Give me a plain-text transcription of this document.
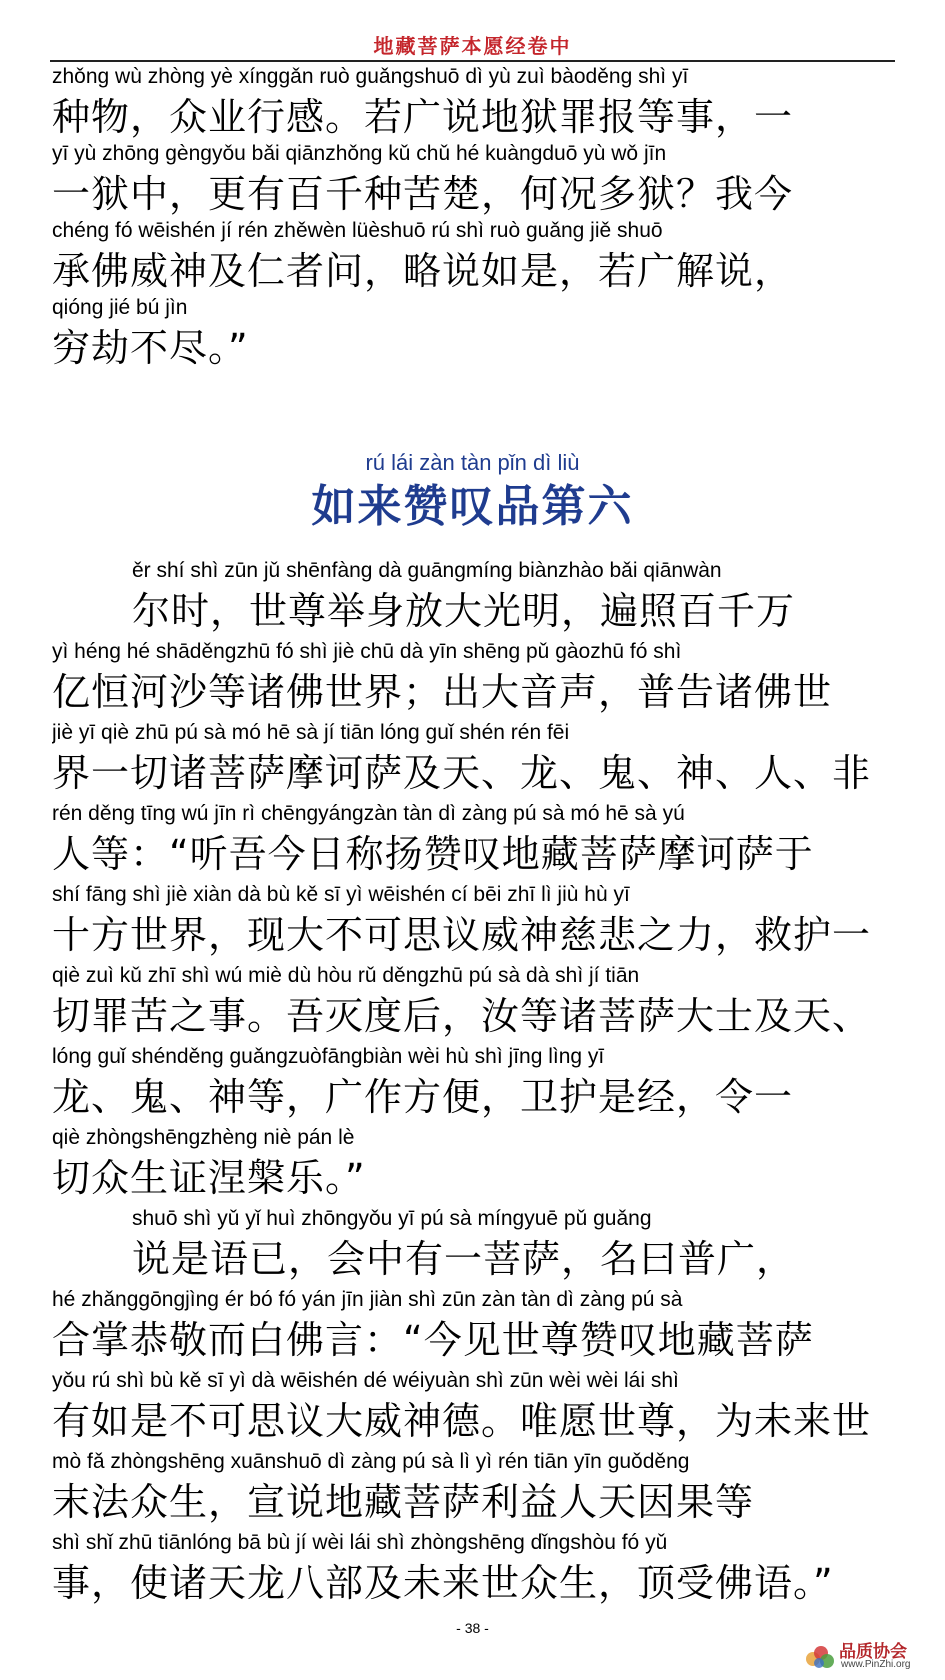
地藏菩萨本愿经卷中
zhǒng wù zhòng yè xínggǎn ruò guǎngshuō dì yù zuì bàoděng shì yī
种物，众业行感。若广说地狱罪报等事，一
yī yù zhōng gèngyǒu bǎi qiānzhǒng kǔ chǔ hé kuàngduō yù wǒ jīn
一狱中，更有百千种苦楚，何况多狱？我今
chéng fó wēishén jí rén zhěwèn lüèshuō rú shì ruò guǎng jiě shuō
承佛威神及仁者问，略说如是，若广解说，
qióng jié bú jìn
穷劫不尽。”
rú lái zàn tàn pǐn dì liù
如来赞叹品第六
ěr shí shì zūn jǔ shēnfàng dà guāngmíng biànzhào bǎi qiānwàn
尔时，世尊举身放大光明，遍照百千万
yì héng hé shāděngzhū fó shì jiè chū dà yīn shēng pǔ gàozhū fó shì
亿恒河沙等诸佛世界；出大音声，普告诸佛世
jiè yī qiè zhū pú sà mó hē sà jí tiān lóng guǐ shén rén fēi
界一切诸菩萨摩诃萨及天、龙、鬼、神、人、非
rén děng tīng wú jīn rì chēngyángzàn tàn dì zàng pú sà mó hē sà yú
人等：“听吾今日称扬赞叹地藏菩萨摩诃萨于
shí fāng shì jiè xiàn dà bù kě sī yì wēishén cí bēi zhī lì jiù hù yī
十方世界，现大不可思议威神慈悲之力，救护一
qiè zuì kǔ zhī shì wú miè dù hòu rǔ děngzhū pú sà dà shì jí tiān
切罪苦之事。吾灭度后，汝等诸菩萨大士及天、
lóng guǐ shénděng guǎngzuòfāngbiàn wèi hù shì jīng lìng yī
龙、鬼、神等，广作方便，卫护是经，令一
qiè zhòngshēngzhèng niè pán lè
切众生证涅槃乐。”
shuō shì yǔ yǐ huì zhōngyǒu yī pú sà míngyuē pǔ guǎng
说是语已，会中有一菩萨，名曰普广，
hé zhǎnggōngjìng ér bó fó yán jīn jiàn shì zūn zàn tàn dì zàng pú sà
合掌恭敬而白佛言：“今见世尊赞叹地藏菩萨
yǒu rú shì bù kě sī yì dà wēishén dé wéiyuàn shì zūn wèi wèi lái shì
有如是不可思议大威神德。唯愿世尊，为未来世
mò fǎ zhòngshēng xuānshuō dì zàng pú sà lì yì rén tiān yīn guǒděng
末法众生，宣说地藏菩萨利益人天因果等
shì shǐ zhū tiānlóng bā bù jí wèi lái shì zhòngshēng dǐngshòu fó yǔ
事，使诸天龙八部及未来世众生，顶受佛语。”
- 38 -
品质协会
www.PinZhi.org
